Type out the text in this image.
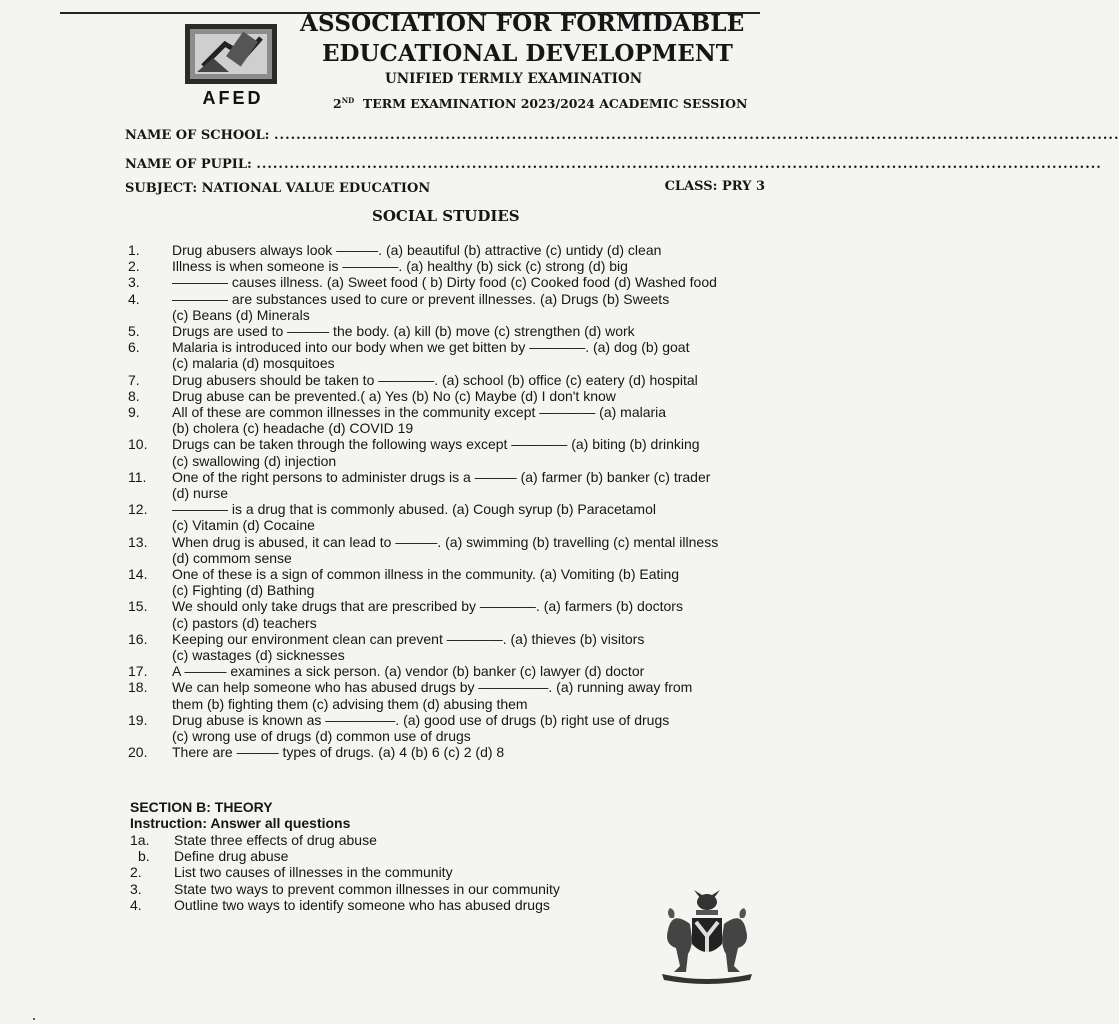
AFED
ASSOCIATION FOR FORMIDABLE
EDUCATIONAL DEVELOPMENT
UNIFIED TERMLY EXAMINATION
2ND TERM EXAMINATION 2023/2024 ACADEMIC SESSION
NAME OF SCHOOL: .........................................................................................................................................................
NAME OF PUPIL: .........................................................................................................................................................
SUBJECT: NATIONAL VALUE EDUCATION	CLASS: PRY 3
SOCIAL STUDIES
1.	Drug abusers always look ———. (a) beautiful (b) attractive (c) untidy (d) clean
2.	Illness is when someone is ————. (a) healthy (b) sick (c) strong (d) big
3.	———— causes illness. (a) Sweet food ( b) Dirty food (c) Cooked food (d) Washed food
4.	———— are substances used to cure or prevent illnesses. (a) Drugs (b) Sweets
(c) Beans (d) Minerals
5.	Drugs are used to ——— the body. (a) kill (b) move (c) strengthen (d) work
6.	Malaria is introduced into our body when we get bitten by ————. (a) dog (b) goat
(c) malaria (d) mosquitoes
7.	Drug abusers should be taken to ————. (a) school (b) office (c) eatery (d) hospital
8.	Drug abuse can be prevented.( a) Yes (b) No (c) Maybe (d) I don't know
9.	All of these are common illnesses in the community except ———— (a) malaria
(b) cholera (c) headache (d) COVID 19
10.	Drugs can be taken through the following ways except ———— (a) biting (b) drinking
(c) swallowing (d) injection
11.	One of the right persons to administer drugs is a ——— (a) farmer (b) banker (c) trader
(d) nurse
12.	———— is a drug that is commonly abused. (a) Cough syrup (b) Paracetamol
(c) Vitamin (d) Cocaine
13.	When drug is abused, it can lead to ———. (a) swimming (b) travelling (c) mental illness
(d) commom sense
14.	One of these is a sign of common illness in the community. (a) Vomiting (b) Eating
(c) Fighting (d) Bathing
15.	We should only take drugs that are prescribed by ————. (a) farmers (b) doctors
(c) pastors (d) teachers
16.	Keeping our environment clean can prevent ————. (a) thieves (b) visitors
(c) wastages (d) sicknesses
17.	A ——— examines a sick person. (a) vendor (b) banker (c) lawyer (d) doctor
18.	We can help someone who has abused drugs by —————. (a) running away from
them (b) fighting them (c) advising them (d) abusing them
19.	Drug abuse is known as —————. (a) good use of drugs (b) right use of drugs
(c) wrong use of drugs (d) common use of drugs
20.	There are ——— types of drugs. (a) 4 (b) 6 (c) 2 (d) 8
SECTION B: THEORY
Instruction: Answer all questions
1a.	State three effects of drug abuse
b.	Define drug abuse
2.	List two causes of illnesses in the community
3.	State two ways to prevent common illnesses in our community
4.	Outline two ways to identify someone who has abused drugs
